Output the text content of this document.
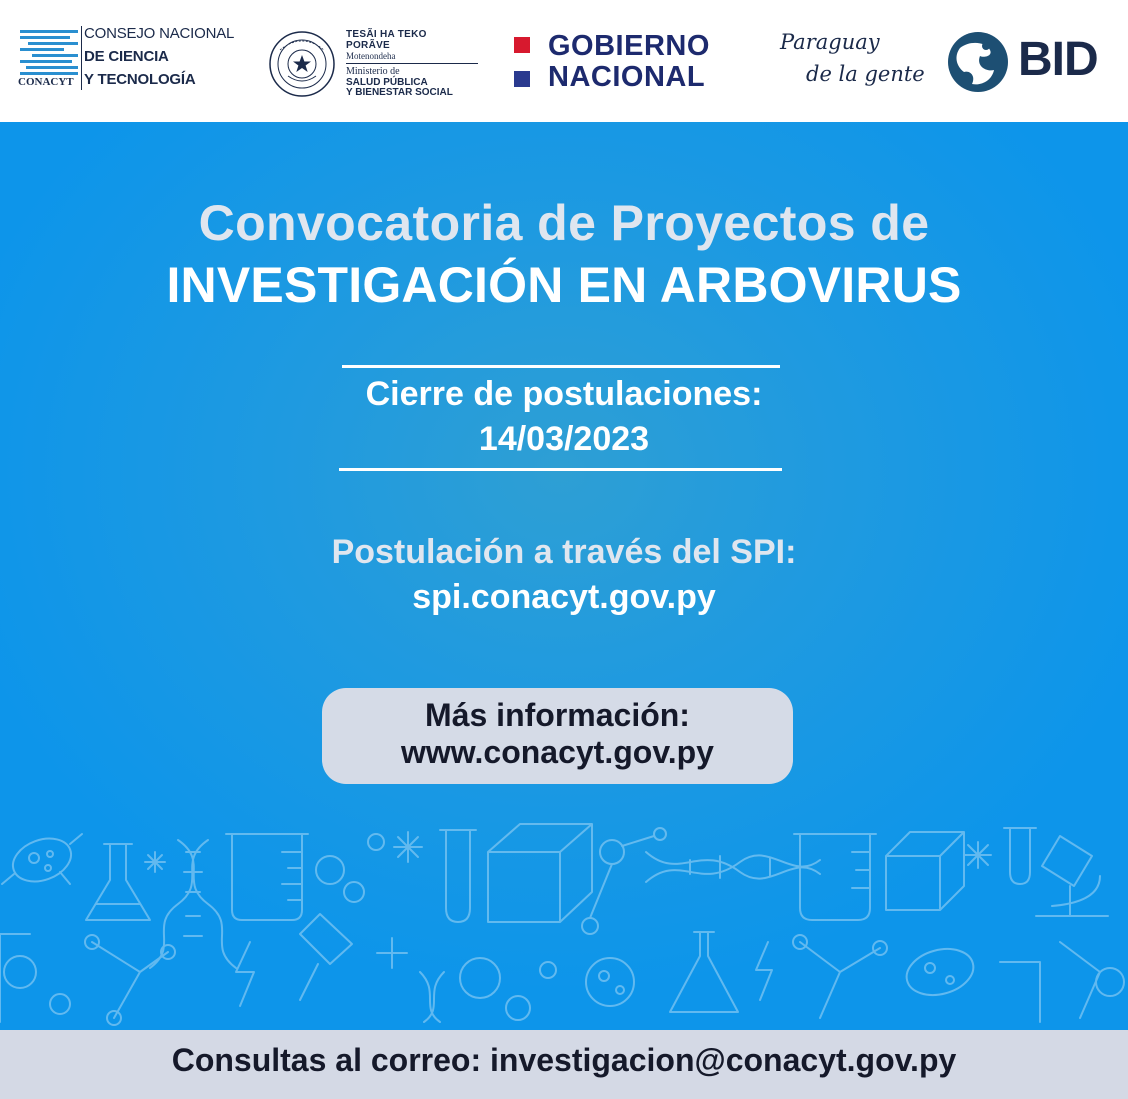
CONSEJO NACIONAL
DE CIENCIA
Y TECNOLOGÍA
CONACYT
TESÃI HA TEKO
PORÃVE
Motenondeha
Ministerio de
SALUD PÚBLICA
Y BIENESTAR SOCIAL
GOBIERNO
NACIONAL
Paraguay
de la gente BID
Convocatoria de Proyectos de
INVESTIGACIÓN EN ARBOVIRUS
Cierre de postulaciones:
14/03/2023
Postulación a través del SPI:
spi.conacyt.gov.py
Más información:
www.conacyt.gov.py
Consultas al correo: investigacion@conacyt.gov.py
